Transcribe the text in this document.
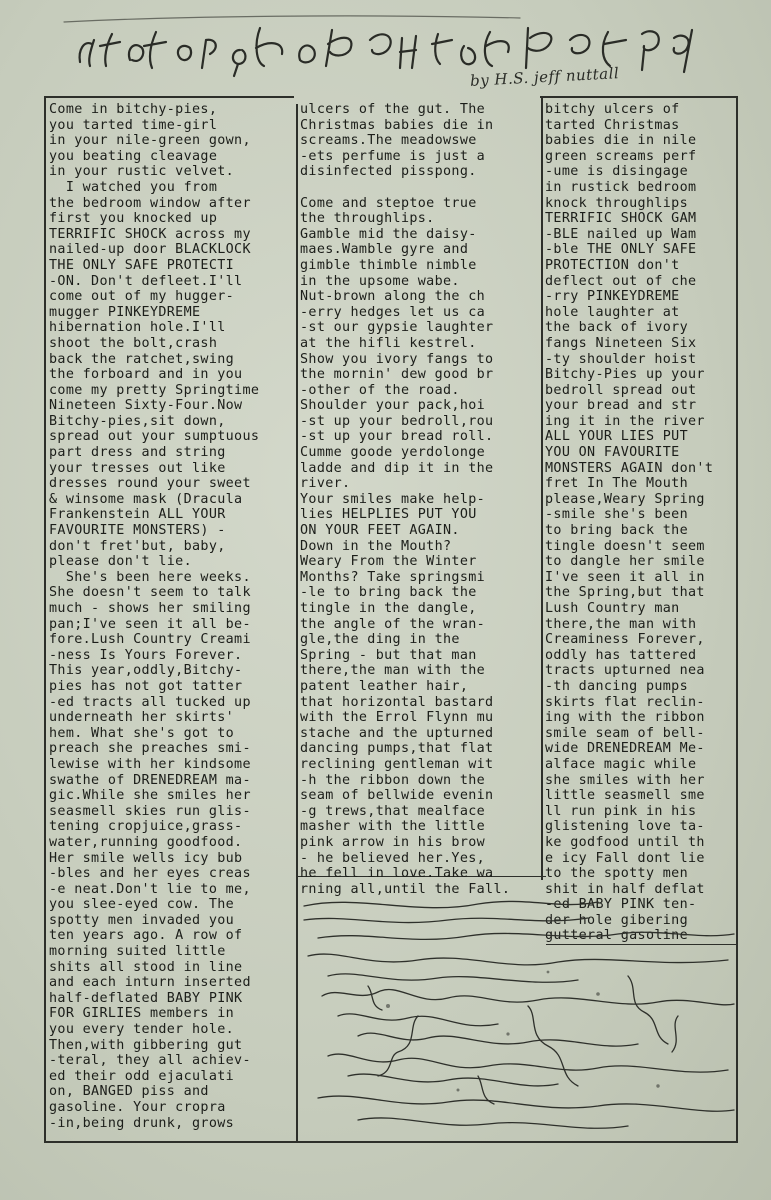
by H.S. jeff nuttall
Come in bitchy-pies,
you tarted time-girl
in your nile-green gown,
you beating cleavage
in your rustic velvet.
I watched you from
the bedroom window after
first you knocked up
TERRIFIC SHOCK across my
nailed-up door BLACKLOCK
THE ONLY SAFE PROTECTI
-ON. Don't defleet.I'll
come out of my hugger-
mugger PINKEYDREME
hibernation hole.I'll
shoot the bolt,crash
back the ratchet,swing
the forboard and in you
come my pretty Springtime
Nineteen Sixty-Four.Now
Bitchy-pies,sit down,
spread out your sumptuous
part dress and string
your tresses out like
dresses round your sweet
& winsome mask (Dracula
Frankenstein ALL YOUR
FAVOURITE MONSTERS) -
don't fret'but, baby,
please don't lie.
She's been here weeks.
She doesn't seem to talk
much - shows her smiling
pan;I've seen it all be-
fore.Lush Country Creami
-ness Is Yours Forever.
This year,oddly,Bitchy-
pies has not got tatter
-ed tracts all tucked up
underneath her skirts'
hem. What she's got to
preach she preaches smi-
lewise with her kindsome
swathe of DRENEDREAM ma-
gic.While she smiles her
seasmell skies run glis-
tening cropjuice,grass-
water,running goodfood.
Her smile wells icy bub
-bles and her eyes creas
-e neat.Don't lie to me,
you slee-eyed cow. The
spotty men invaded you
ten years ago. A row of
morning suited little
shits all stood in line
and each inturn inserted
half-deflated BABY PINK
FOR GIRLIES members in
you every tender hole.
Then,with gibbering gut
-teral, they all achiev-
ed their odd ejaculati
on, BANGED piss and
gasoline. Your cropra
-in,being drunk, grows
ulcers of the gut. The
Christmas babies die in
screams.The meadowswe
-ets perfume is just a
disinfected pisspong.

Come and steptoe true
the throughlips.
Gamble mid the daisy-
maes.Wamble gyre and
gimble thimble nimble
in the upsome wabe.
Nut-brown along the ch
-erry hedges let us ca
-st our gypsie laughter
at the hifli kestrel.
Show you ivory fangs to
the mornin' dew good br
-other of the road.
Shoulder your pack,hoi
-st up your bedroll,rou
-st up your bread roll.
Cumme goode yerdolonge
ladde and dip it in the
river.
Your smiles make help-
lies HELPLIES PUT YOU
ON YOUR FEET AGAIN.
Down in the Mouth?
Weary From the Winter
Months? Take springsmi
-le to bring back the
tingle in the dangle,
the angle of the wran-
gle,the ding in the
Spring - but that man
there,the man with the
patent leather hair,
that horizontal bastard
with the Errol Flynn mu
stache and the upturned
dancing pumps,that flat
reclining gentleman wit
-h the ribbon down the
seam of bellwide evenin
-g trews,that mealface
masher with the little
pink arrow in his brow
- he believed her.Yes,
he fell in love.Take wa
rning all,until the Fall.
bitchy ulcers of
tarted Christmas
babies die in nile
green screams perf
-ume is disingage
in rustick bedroom
knock throughlips
TERRIFIC SHOCK GAM
-BLE nailed up Wam
-ble THE ONLY SAFE
PROTECTION don't
deflect out of che
-rry PINKEYDREME
hole laughter at
the back of ivory
fangs Nineteen Six
-ty shoulder hoist
Bitchy-Pies up your
bedroll spread out
your bread and str
ing it in the river
ALL YOUR LIES PUT
YOU ON FAVOURITE
MONSTERS AGAIN don't
fret In The Mouth
please,Weary Spring
-smile she's been
to bring back the
tingle doesn't seem
to dangle her smile
I've seen it all in
the Spring,but that
Lush Country man
there,the man with
Creaminess Forever,
oddly has tattered
tracts upturned nea
-th dancing pumps
skirts flat reclin-
ing with the ribbon
smile seam of bell-
wide DRENEDREAM Me-
alface magic while
she smiles with her
little seasmell sme
ll run pink in his
glistening love ta-
ke godfood until th
e icy Fall dont lie
to the spotty men
shit in half deflat
-ed BABY PINK ten-
der hole gibering
gutteral gasoline
